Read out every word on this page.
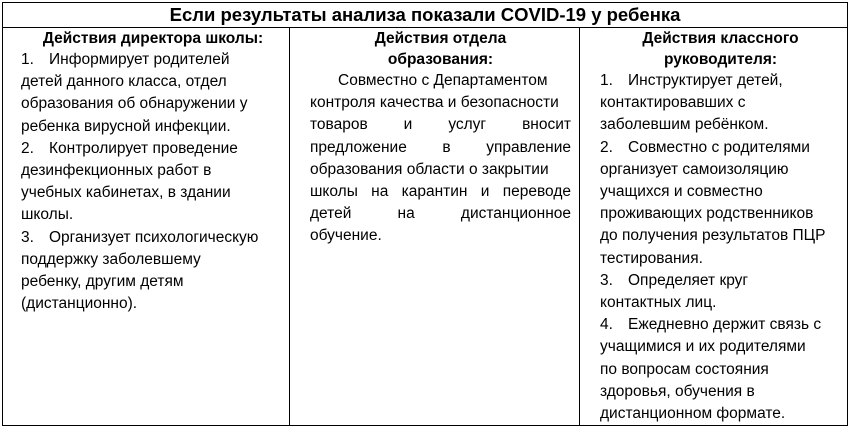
Если результаты анализа показали COVID-19 у ребенка

Действия директора школы:
1. Информирует родителей
детей данного класса, отдел
образования об обнаружении у
ребенка вирусной инфекции.
2. Контролирует проведение
дезинфекционных работ в
учебных кабинетах, в здании
школы.
3. Организует психологическую
поддержку заболевшему
ребенку, другим детям
(дистанционно).

Действия отдела
образования:
Совместно с Департаментом
контроля качества и безопасности
товаров и услуг вносит
предложение в управление
образования области о закрытии
школы на карантин и переводе
детей	на	дистанционное
обучение.

Действия классного
руководителя:
1. Инструктирует детей,
контактировавших с
заболевшим ребёнком.
2. Совместно с родителями
организует самоизоляцию
учащихся и совместно
проживающих родственников
до получения результатов ПЦР
тестирования.
3. Определяет круг
контактных лиц.
4. Ежедневно держит связь с
учащимися и их родителями
по вопросам состояния
здоровья, обучения в
дистанционном формате.
